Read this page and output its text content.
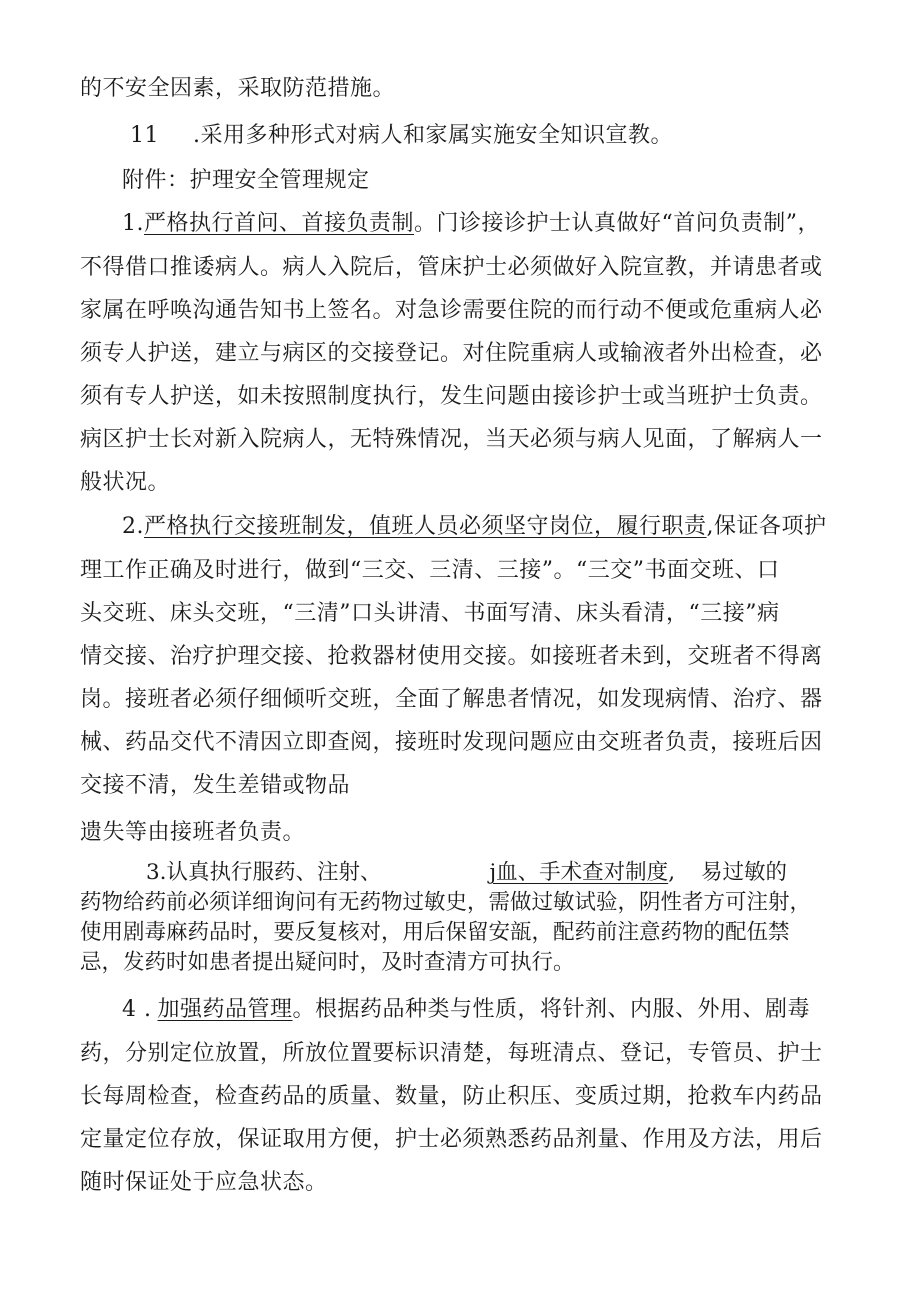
的不安全因素，采取防范措施。
11 .采用多种形式对病人和家属实施安全知识宣教。
附件：护理安全管理规定
1.严格执行首问、首接负责制。门诊接诊护士认真做好“首问负责制”，
不得借口推诿病人。病人入院后，管床护士必须做好入院宣教，并请患者或
家属在呼唤沟通告知书上签名。对急诊需要住院的而行动不便或危重病人必
须专人护送，建立与病区的交接登记。对住院重病人或输液者外出检查，必
须有专人护送，如未按照制度执行，发生问题由接诊护士或当班护士负责。
病区护士长对新入院病人，无特殊情况，当天必须与病人见面，了解病人一
般状况。
2.严格执行交接班制发，值班人员必须坚守岗位，履行职责,保证各项护
理工作正确及时进行，做到“三交、三清、三接”。“三交”书面交班、口
头交班、床头交班，“三清”口头讲清、书面写清、床头看清，“三接”病
情交接、治疗护理交接、抢救器材使用交接。如接班者未到，交班者不得离
岗。接班者必须仔细倾听交班，全面了解患者情况，如发现病情、治疗、器
械、药品交代不清因立即查阅，接班时发现问题应由交班者负责，接班后因
交接不清，发生差错或物品
遗失等由接班者负责。
3.认真执行服药、注射、	j血、手术查对制度, 易过敏的
药物给药前必须详细询问有无药物过敏史，需做过敏试验，阴性者方可注射，
使用剧毒麻药品时，要反复核对，用后保留安瓿，配药前注意药物的配伍禁
忌，发药时如患者提出疑问时，及时查清方可执行。
4 . 加强药品管理。根据药品种类与性质，将针剂、内服、外用、剧毒
药，分别定位放置，所放位置要标识清楚，每班清点、登记，专管员、护士
长每周检查，检查药品的质量、数量，防止积压、变质过期，抢救车内药品
定量定位存放，保证取用方便，护士必须熟悉药品剂量、作用及方法，用后
随时保证处于应急状态。
